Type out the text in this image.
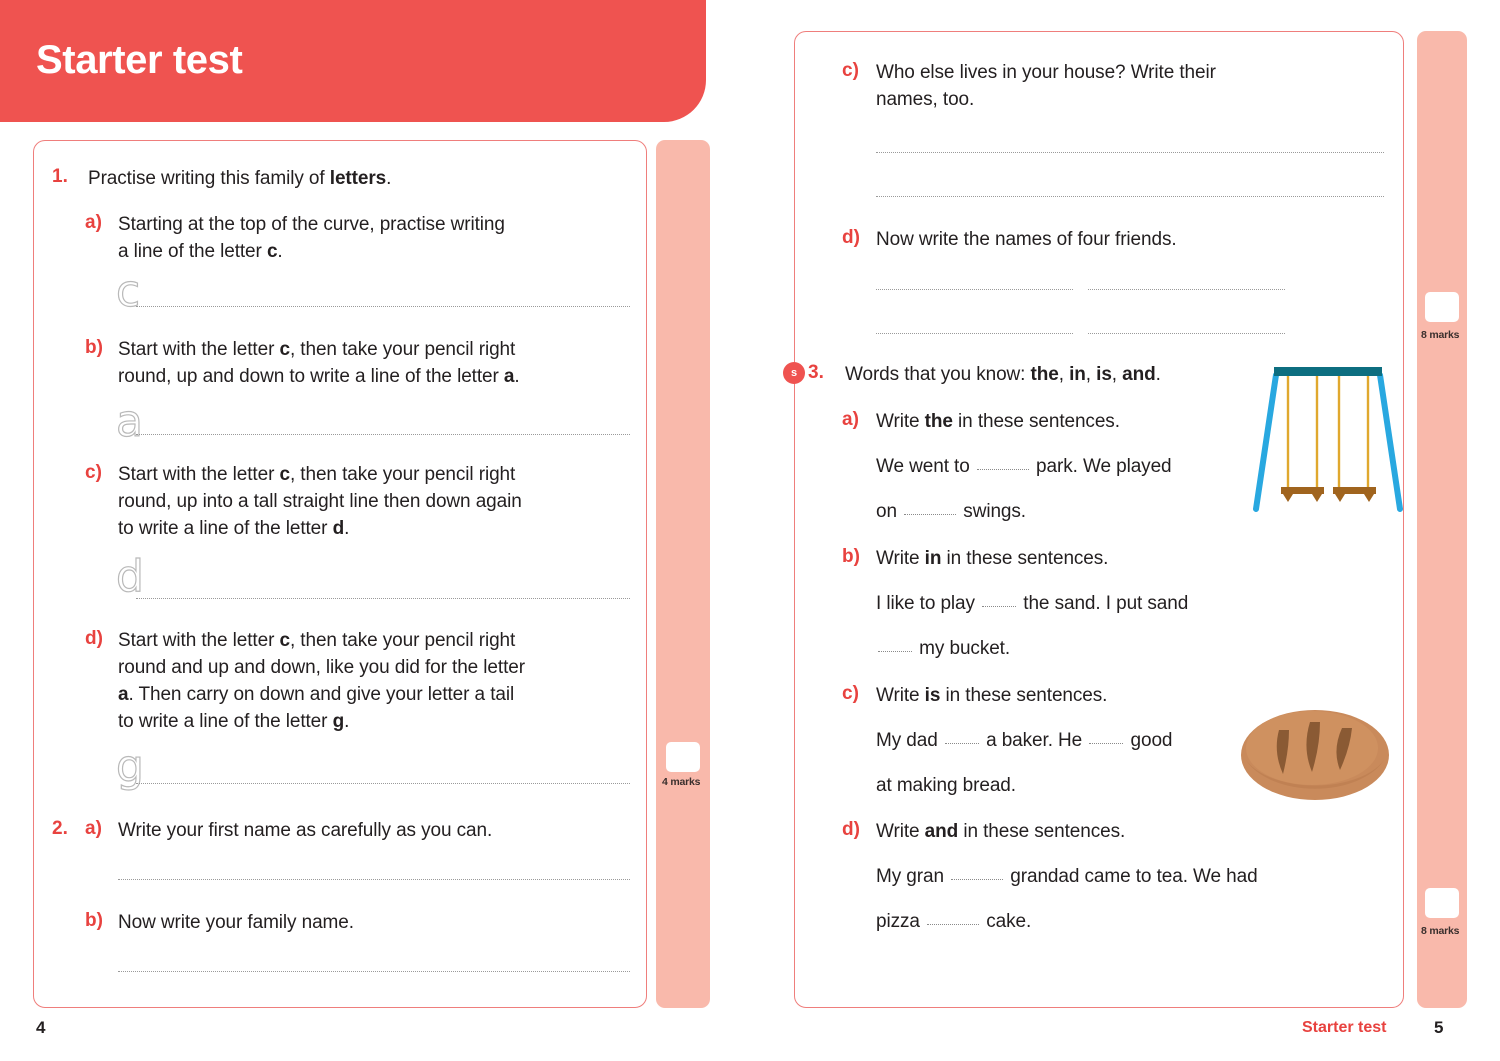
Starter test
4 marks
1. Practise writing this family of letters.
a) Starting at the top of the curve, practise writing
a line of the letter c.
c
b) Start with the letter c, then take your pencil right
round, up and down to write a line of the letter a.
a
c) Start with the letter c, then take your pencil right
round, up into a tall straight line then down again
to write a line of the letter d.
d
d) Start with the letter c, then take your pencil right
round and up and down, like you did for the letter
a. Then carry on down and give your letter a tail
to write a line of the letter g.
g
2. a) Write your first name as carefully as you can.
b) Now write your family name.
4
8 marks
8 marks
c) Who else lives in your house? Write their
names, too.
d) Now write the names of four friends.
s 3. Words that you know: the, in, is, and.
a) Write the in these sentences.
We went to	park. We played
on	swings.
b) Write in in these sentences.
I like to play  the sand. I put sand
my bucket.
c) Write is in these sentences.
My dad  a baker. He  good
at making bread.
d) Write and in these sentences.
My gran	grandad came to tea. We had
pizza	cake.
Starter test	5
